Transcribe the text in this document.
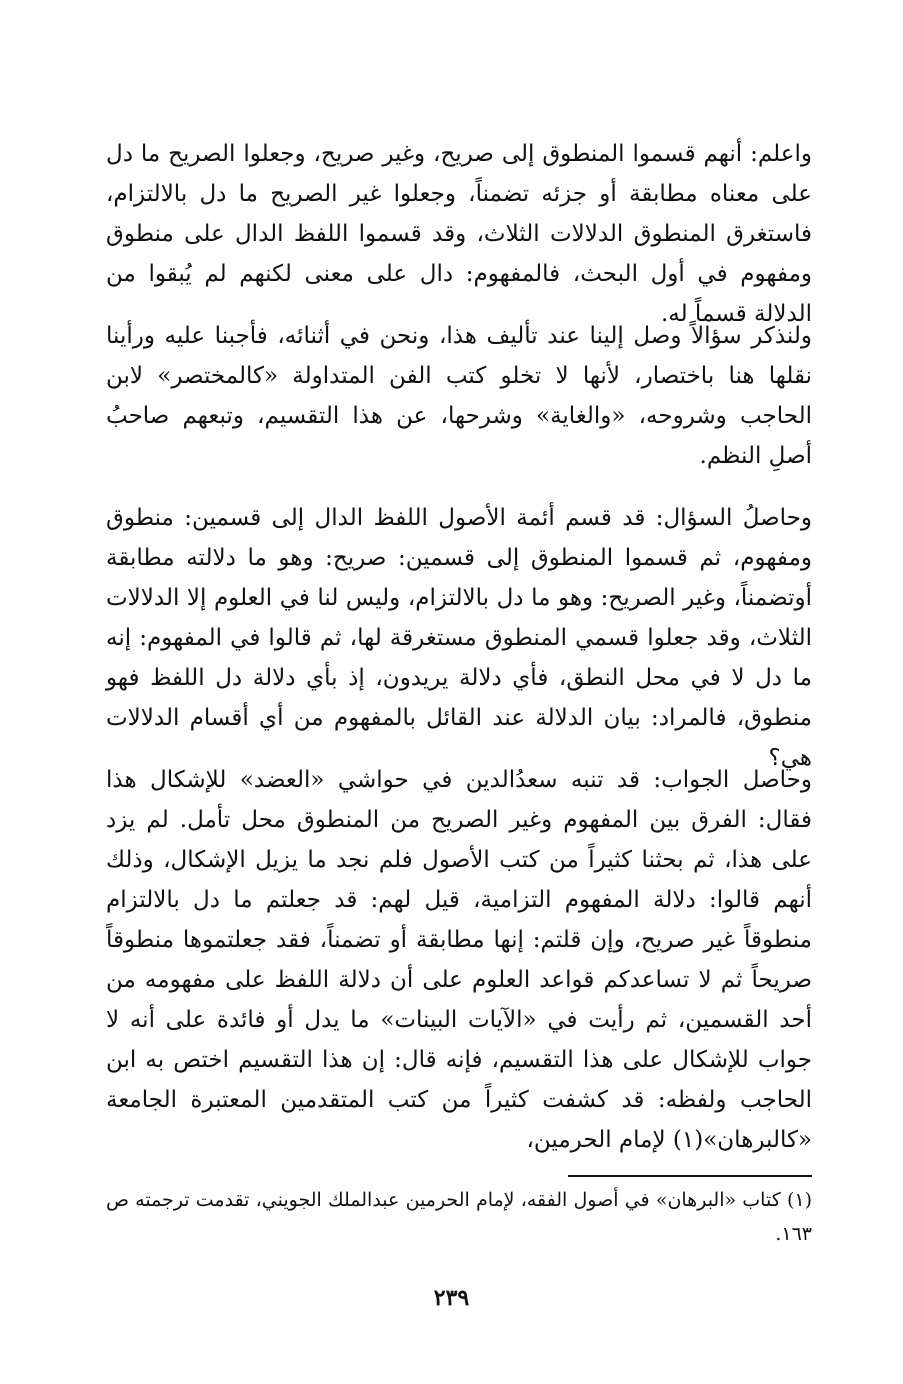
واعلم: أنهم قسموا المنطوق إلى صريح، وغير صريح، وجعلوا الصريح ما دل على معناه مطابقة أو جزئه تضمناً، وجعلوا غير الصريح ما دل بالالتزام، فاستغرق المنطوق الدلالات الثلاث، وقد قسموا اللفظ الدال على منطوق ومفهوم في أول البحث، فالمفهوم: دال على معنى لكنهم لم يُبقوا من الدلالة قسماً له.

ولنذكر سؤالاً وصل إلينا عند تأليف هذا، ونحن في أثنائه، فأجبنا عليه ورأينا نقلها هنا باختصار، لأنها لا تخلو كتب الفن المتداولة «كالمختصر» لابن الحاجب وشروحه، «والغاية» وشرحها، عن هذا التقسيم، وتبعهم صاحبُ أصلِ النظم.

وحاصلُ السؤال: قد قسم أئمة الأصول اللفظ الدال إلى قسمين: منطوق ومفهوم، ثم قسموا المنطوق إلى قسمين: صريح: وهو ما دلالته مطابقة أوتضمناً، وغير الصريح: وهو ما دل بالالتزام، وليس لنا في العلوم إلا الدلالات الثلاث، وقد جعلوا قسمي المنطوق مستغرقة لها، ثم قالوا في المفهوم: إنه ما دل لا في محل النطق، فأي دلالة يريدون، إذ بأي دلالة دل اللفظ فهو منطوق، فالمراد: بيان الدلالة عند القائل بالمفهوم من أي أقسام الدلالات هي؟

وحاصل الجواب: قد تنبه سعدُالدين في حواشي «العضد» للإشكال هذا فقال: الفرق بين المفهوم وغير الصريح من المنطوق محل تأمل. لم يزد على هذا، ثم بحثنا كثيراً من كتب الأصول فلم نجد ما يزيل الإشكال، وذلك أنهم قالوا: دلالة المفهوم التزامية، قيل لهم: قد جعلتم ما دل بالالتزام منطوقاً غير صريح، وإن قلتم: إنها مطابقة أو تضمناً، فقد جعلتموها منطوقاً صريحاً ثم لا تساعدكم قواعد العلوم على أن دلالة اللفظ على مفهومه من أحد القسمين، ثم رأيت في «الآيات البينات» ما يدل أو فائدة على أنه لا جواب للإشكال على هذا التقسيم، فإنه قال: إن هذا التقسيم اختص به ابن الحاجب ولفظه: قد كشفت كثيراً من كتب المتقدمين المعتبرة الجامعة «كالبرهان»(١) لإمام الحرمين،

(١) كتاب «البرهان» في أصول الفقه، لإمام الحرمين عبدالملك الجويني، تقدمت ترجمته ص ١٦٣.

٢٣٩
